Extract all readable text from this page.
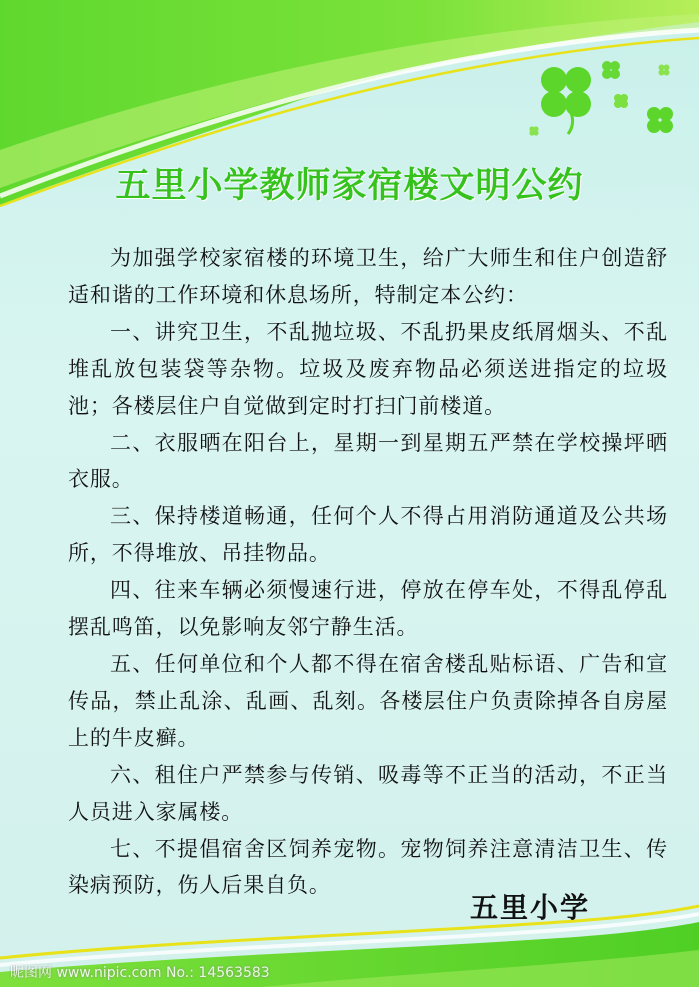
五里小学教师家宿楼文明公约

为加强学校家宿楼的环境卫生，给广大师生和住户创造舒适和谐的工作环境和休息场所，特制定本公约：

一、讲究卫生，不乱抛垃圾、不乱扔果皮纸屑烟头、不乱堆乱放包装袋等杂物。垃圾及废弃物品必须送进指定的垃圾池；各楼层住户自觉做到定时打扫门前楼道。

二、衣服晒在阳台上，星期一到星期五严禁在学校操坪晒衣服。

三、保持楼道畅通，任何个人不得占用消防通道及公共场所，不得堆放、吊挂物品。

四、往来车辆必须慢速行进，停放在停车处，不得乱停乱摆乱鸣笛，以免影响友邻宁静生活。

五、任何单位和个人都不得在宿舍楼乱贴标语、广告和宣传品，禁止乱涂、乱画、乱刻。各楼层住户负责除掉各自房屋上的牛皮癣。

六、租住户严禁参与传销、吸毒等不正当的活动，不正当人员进入家属楼。

七、不提倡宿舍区饲养宠物。宠物饲养注意清洁卫生、传染病预防，伤人后果自负。

五里小学
昵图网 www.nipic.com No.: 14563583
